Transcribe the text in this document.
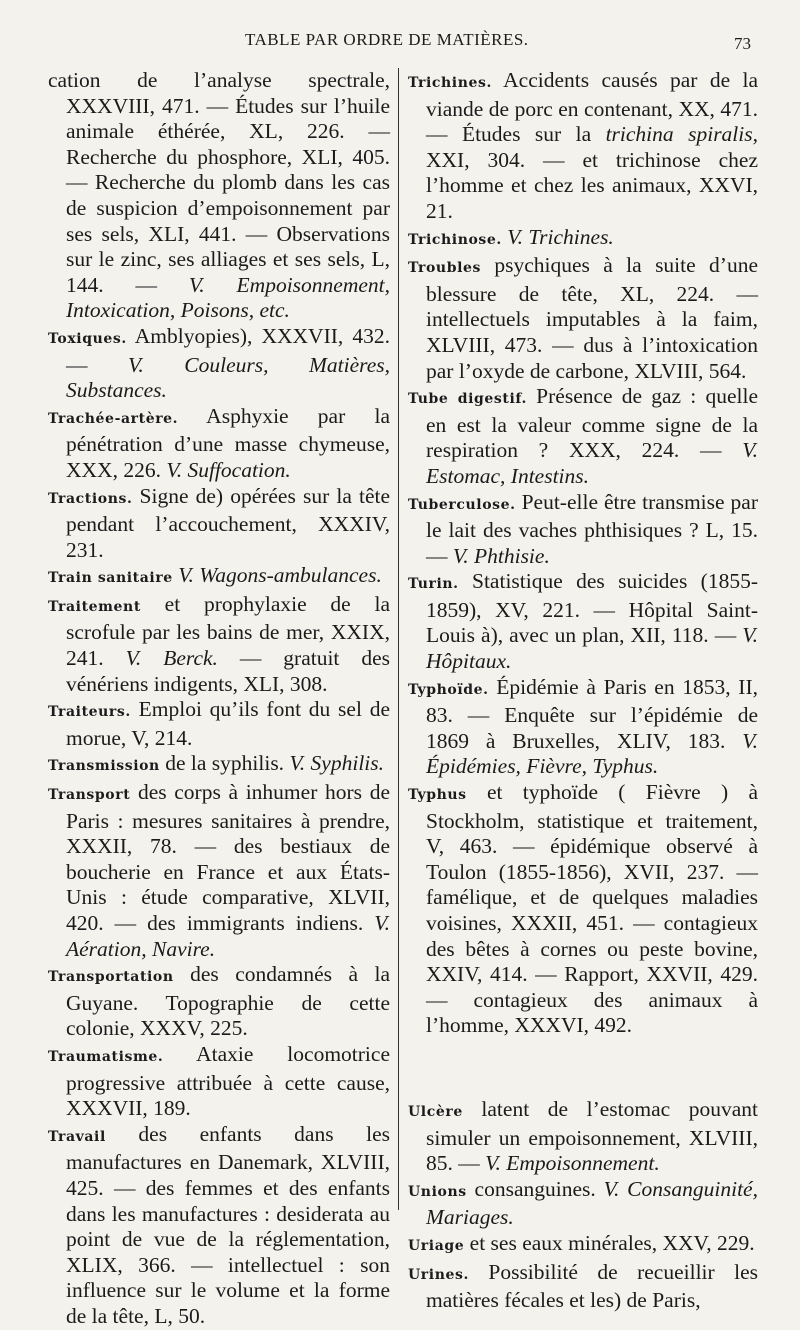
TABLE PAR ORDRE DE MATIÈRES.	73

cation de l’analyse spectrale, XXXVIII, 471. — Études sur l’huile animale éthérée, XL, 226. — Recherche du phosphore, XLI, 405. — Recherche du plomb dans les cas de suspicion d’empoisonnement par ses sels, XLI, 441. — Observations sur le zinc, ses alliages et ses sels, L, 144. — V. Empoisonnement, Intoxication, Poisons, etc.

Toxiques. Amblyopies), XXXVII, 432. — V. Couleurs, Matières, Substances.

Trachée-artère. Asphyxie par la pénétration d’une masse chymeuse, XXX, 226. V. Suffocation.

Tractions. Signe de) opérées sur la tête pendant l’accouchement, XXXIV, 231.

Train sanitaire V. Wagons-ambulances.

Traitement et prophylaxie de la scrofule par les bains de mer, XXIX, 241. V. Berck. — gratuit des vénériens indigents, XLI, 308.

Traiteurs. Emploi qu’ils font du sel de morue, V, 214.

Transmission de la syphilis. V. Syphilis.

Transport des corps à inhumer hors de Paris : mesures sanitaires à prendre, XXXII, 78. — des bestiaux de boucherie en France et aux États-Unis : étude comparative, XLVII, 420. — des immigrants indiens. V. Aération, Navire.

Transportation des condamnés à la Guyane. Topographie de cette colonie, XXXV, 225.

Traumatisme. Ataxie locomotrice progressive attribuée à cette cause, XXXVII, 189.

Travail des enfants dans les manufactures en Danemark, XLVIII, 425. — des femmes et des enfants dans les manufactures : desiderata au point de vue de la réglementation, XLIX, 366. — intellectuel : son influence sur le volume et la forme de la tête, L, 50.

Trichines. Accidents causés par de la viande de porc en contenant, XX, 471. — Études sur la trichina spiralis, XXI, 304. — et trichinose chez l’homme et chez les animaux, XXVI, 21.

Trichinose. V. Trichines.

Troubles psychiques à la suite d’une blessure de tête, XL, 224. — intellectuels imputables à la faim, XLVIII, 473. — dus à l’intoxication par l’oxyde de carbone, XLVIII, 564.

Tube digestif. Présence de gaz : quelle en est la valeur comme signe de la respiration ? XXX, 224. — V. Estomac, Intestins.

Tuberculose. Peut-elle être transmise par le lait des vaches phthisiques ? L, 15. — V. Phthisie.

Turin. Statistique des suicides (1855-1859), XV, 221. — Hôpital Saint-Louis à), avec un plan, XII, 118. — V. Hôpitaux.

Typhoïde. Épidémie à Paris en 1853, II, 83. — Enquête sur l’épidémie de 1869 à Bruxelles, XLIV, 183. V. Épidémies, Fièvre, Typhus.

Typhus et typhoïde ( Fièvre ) à Stockholm, statistique et traitement, V, 463. — épidémique observé à Toulon (1855-1856), XVII, 237. — famélique, et de quelques maladies voisines, XXXII, 451. — contagieux des bêtes à cornes ou peste bovine, XXIV, 414. — Rapport, XXVII, 429. — contagieux des animaux à l’homme, XXXVI, 492.

Ulcère latent de l’estomac pouvant simuler un empoisonnement, XLVIII, 85. — V. Empoisonnement.

Unions consanguines. V. Consanguinité, Mariages.

Uriage et ses eaux minérales, XXV, 229.

Urines. Possibilité de recueillir les matières fécales et les) de Paris,
